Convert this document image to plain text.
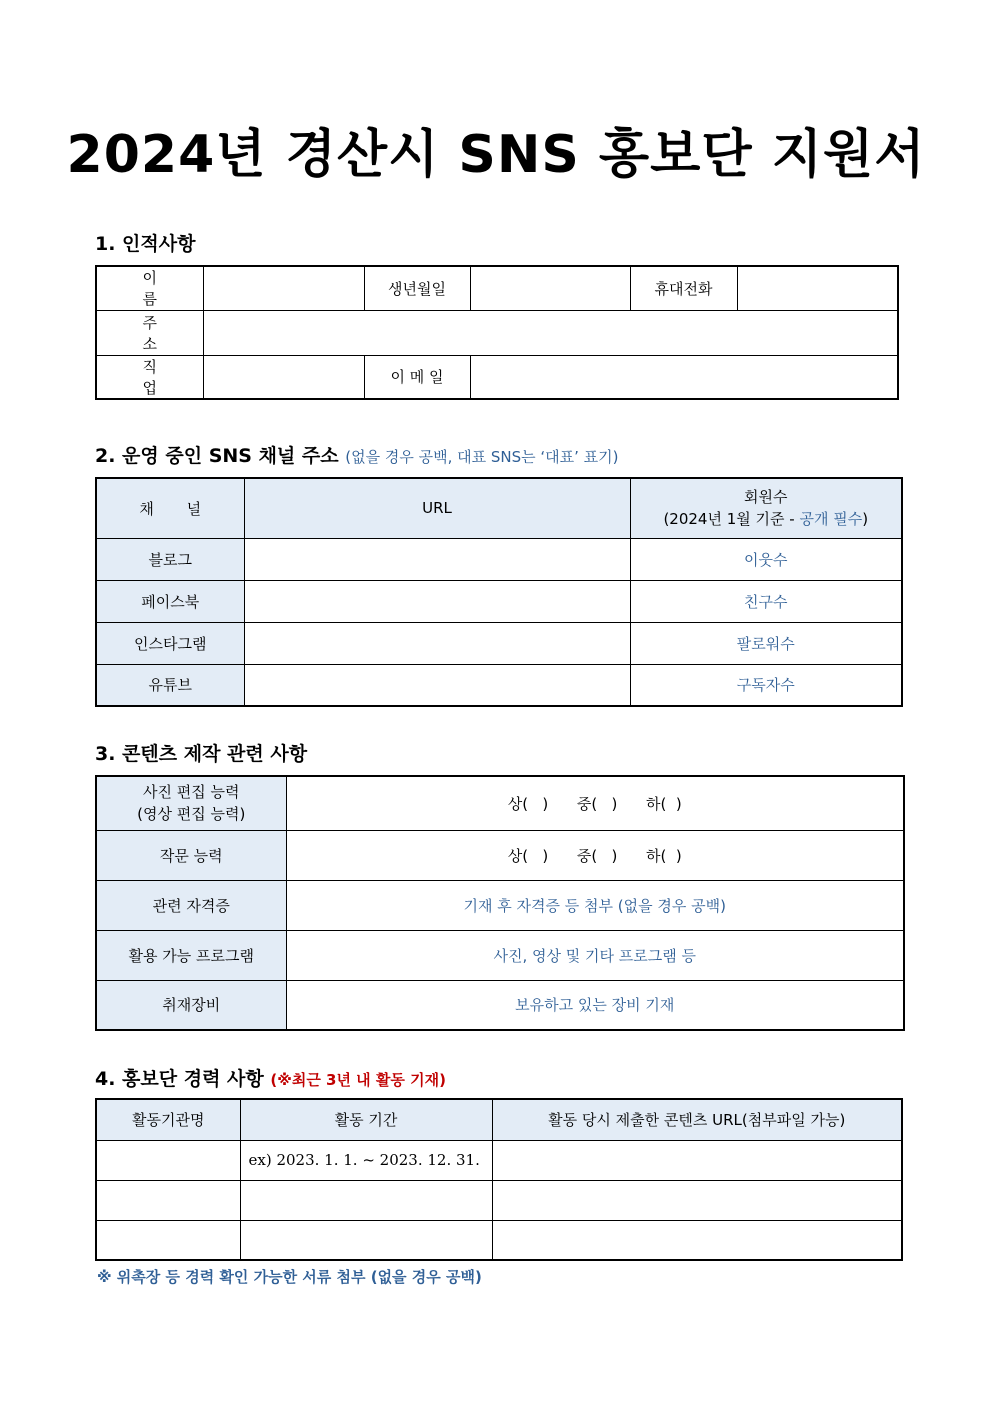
2024년 경산시 SNS 홍보단 지원서
1. 인적사항
이 름		생년월일		휴대전화	
주 소					
직 업		이 메 일			
2. 운영 중인 SNS 채널 주소 (없을 경우 공백, 대표 SNS는 ‘대표’ 표기)
채 널	URL	회원수
(2024년 1월 기준 - 공개 필수)

블로그		이웃수
페이스북		친구수
인스타그램		팔로워수
유튜브		구독자수
3. 콘텐츠 제작 관련 사항
사진 편집 능력
(영상 편집 능력)	상(   )      중(   )      하(  )
작문 능력	상(   )      중(   )      하(  )
관련 자격증	기재 후 자격증 등 첨부 (없을 경우 공백)
활용 가능 프로그램	사진, 영상 및 기타 프로그램 등
취재장비	보유하고 있는 장비 기재
4. 홍보단 경력 사항 (※최근 3년 내 활동 기재)
활동기관명	활동 기간	활동 당시 제출한 콘텐츠 URL(첨부파일 가능)
	ex) 2023. 1. 1. ~ 2023. 12. 31.	

※ 위촉장 등 경력 확인 가능한 서류 첨부 (없을 경우 공백)
